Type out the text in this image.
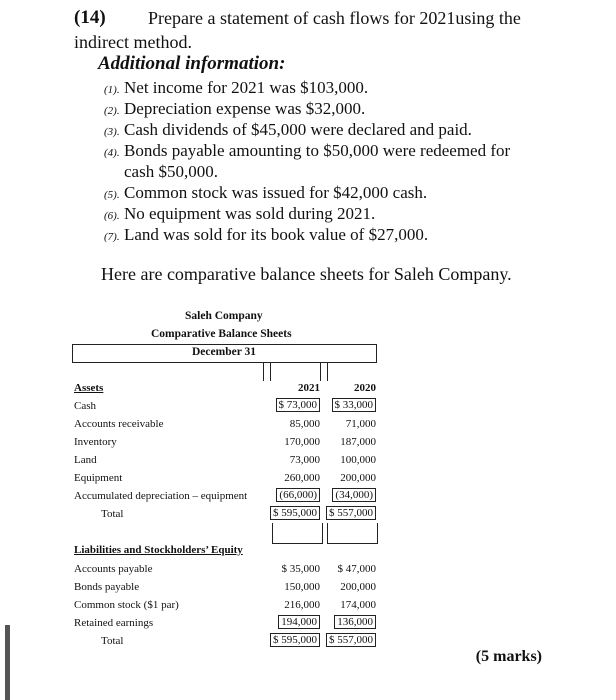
(14) Prepare a statement of cash flows for 2021using the
indirect method.
Additional information:
(1). Net income for 2021 was $103,000.
(2). Depreciation expense was $32,000.
(3). Cash dividends of $45,000 were declared and paid.
(4). Bonds payable amounting to $50,000 were redeemed for
cash $50,000.
(5). Common stock was issued for $42,000 cash.
(6). No equipment was sold during 2021.
(7). Land was sold for its book value of $27,000.
Here are comparative balance sheets for Saleh Company.
Saleh Company
Comparative Balance Sheets
December 31
2021	2020
Assets
Cash	$ 73,000	$ 33,000
Accounts receivable	85,000	71,000
Inventory	170,000	187,000
Land	73,000	100,000
Equipment	260,000	200,000
Accumulated depreciation – equipment	(66,000)	(34,000)
Total	$ 595,000 $ 557,000
Liabilities and Stockholders’ Equity
Accounts payable	$ 35,000	$ 47,000
Bonds payable	150,000	200,000
Common stock ($1 par)	216,000	174,000
Retained earnings	194,000	136,000
Total	$ 595,000 $ 557,000
(5 marks)
